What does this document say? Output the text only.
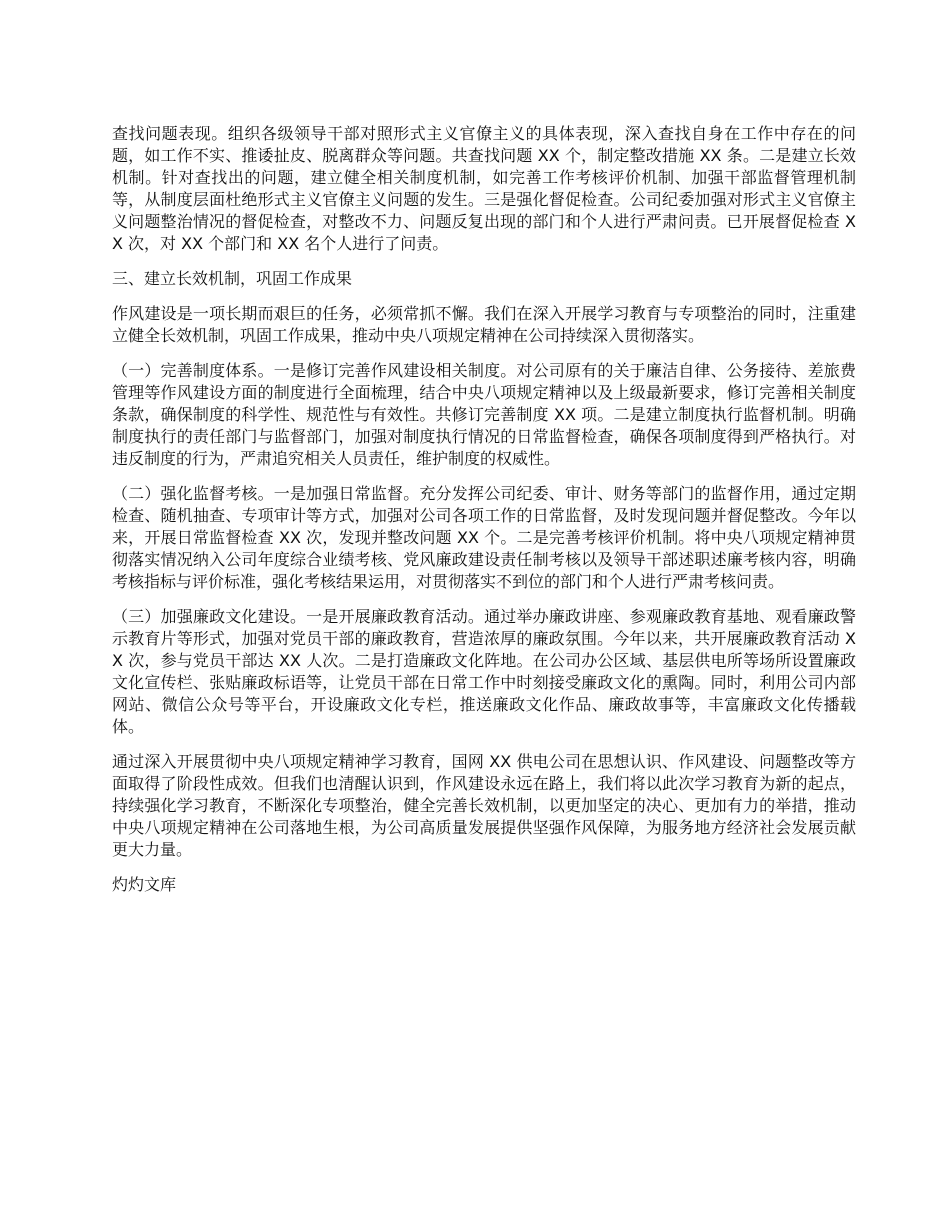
查找问题表现。组织各级领导干部对照形式主义官僚主义的具体表现，深入查找自身在工作中存在的问题，如工作不实、推诿扯皮、脱离群众等问题。共查找问题 XX 个，制定整改措施 XX 条。二是建立长效机制。针对查找出的问题，建立健全相关制度机制，如完善工作考核评价机制、加强干部监督管理机制等，从制度层面杜绝形式主义官僚主义问题的发生。三是强化督促检查。公司纪委加强对形式主义官僚主义问题整治情况的督促检查，对整改不力、问题反复出现的部门和个人进行严肃问责。已开展督促检查 XX 次，对 XX 个部门和 XX 名个人进行了问责。

三、建立长效机制，巩固工作成果

作风建设是一项长期而艰巨的任务，必须常抓不懈。我们在深入开展学习教育与专项整治的同时，注重建立健全长效机制，巩固工作成果，推动中央八项规定精神在公司持续深入贯彻落实。

（一）完善制度体系。一是修订完善作风建设相关制度。对公司原有的关于廉洁自律、公务接待、差旅费管理等作风建设方面的制度进行全面梳理，结合中央八项规定精神以及上级最新要求，修订完善相关制度条款，确保制度的科学性、规范性与有效性。共修订完善制度 XX 项。二是建立制度执行监督机制。明确制度执行的责任部门与监督部门，加强对制度执行情况的日常监督检查，确保各项制度得到严格执行。对违反制度的行为，严肃追究相关人员责任，维护制度的权威性。

（二）强化监督考核。一是加强日常监督。充分发挥公司纪委、审计、财务等部门的监督作用，通过定期检查、随机抽查、专项审计等方式，加强对公司各项工作的日常监督，及时发现问题并督促整改。今年以来，开展日常监督检查 XX 次，发现并整改问题 XX 个。二是完善考核评价机制。将中央八项规定精神贯彻落实情况纳入公司年度综合业绩考核、党风廉政建设责任制考核以及领导干部述职述廉考核内容，明确考核指标与评价标准，强化考核结果运用，对贯彻落实不到位的部门和个人进行严肃考核问责。

（三）加强廉政文化建设。一是开展廉政教育活动。通过举办廉政讲座、参观廉政教育基地、观看廉政警示教育片等形式，加强对党员干部的廉政教育，营造浓厚的廉政氛围。今年以来，共开展廉政教育活动 XX 次，参与党员干部达 XX 人次。二是打造廉政文化阵地。在公司办公区域、基层供电所等场所设置廉政文化宣传栏、张贴廉政标语等，让党员干部在日常工作中时刻接受廉政文化的熏陶。同时，利用公司内部网站、微信公众号等平台，开设廉政文化专栏，推送廉政文化作品、廉政故事等，丰富廉政文化传播载体。

通过深入开展贯彻中央八项规定精神学习教育，国网 XX 供电公司在思想认识、作风建设、问题整改等方面取得了阶段性成效。但我们也清醒认识到，作风建设永远在路上，我们将以此次学习教育为新的起点，持续强化学习教育，不断深化专项整治，健全完善长效机制，以更加坚定的决心、更加有力的举措，推动中央八项规定精神在公司落地生根，为公司高质量发展提供坚强作风保障，为服务地方经济社会发展贡献更大力量。

灼灼文库
